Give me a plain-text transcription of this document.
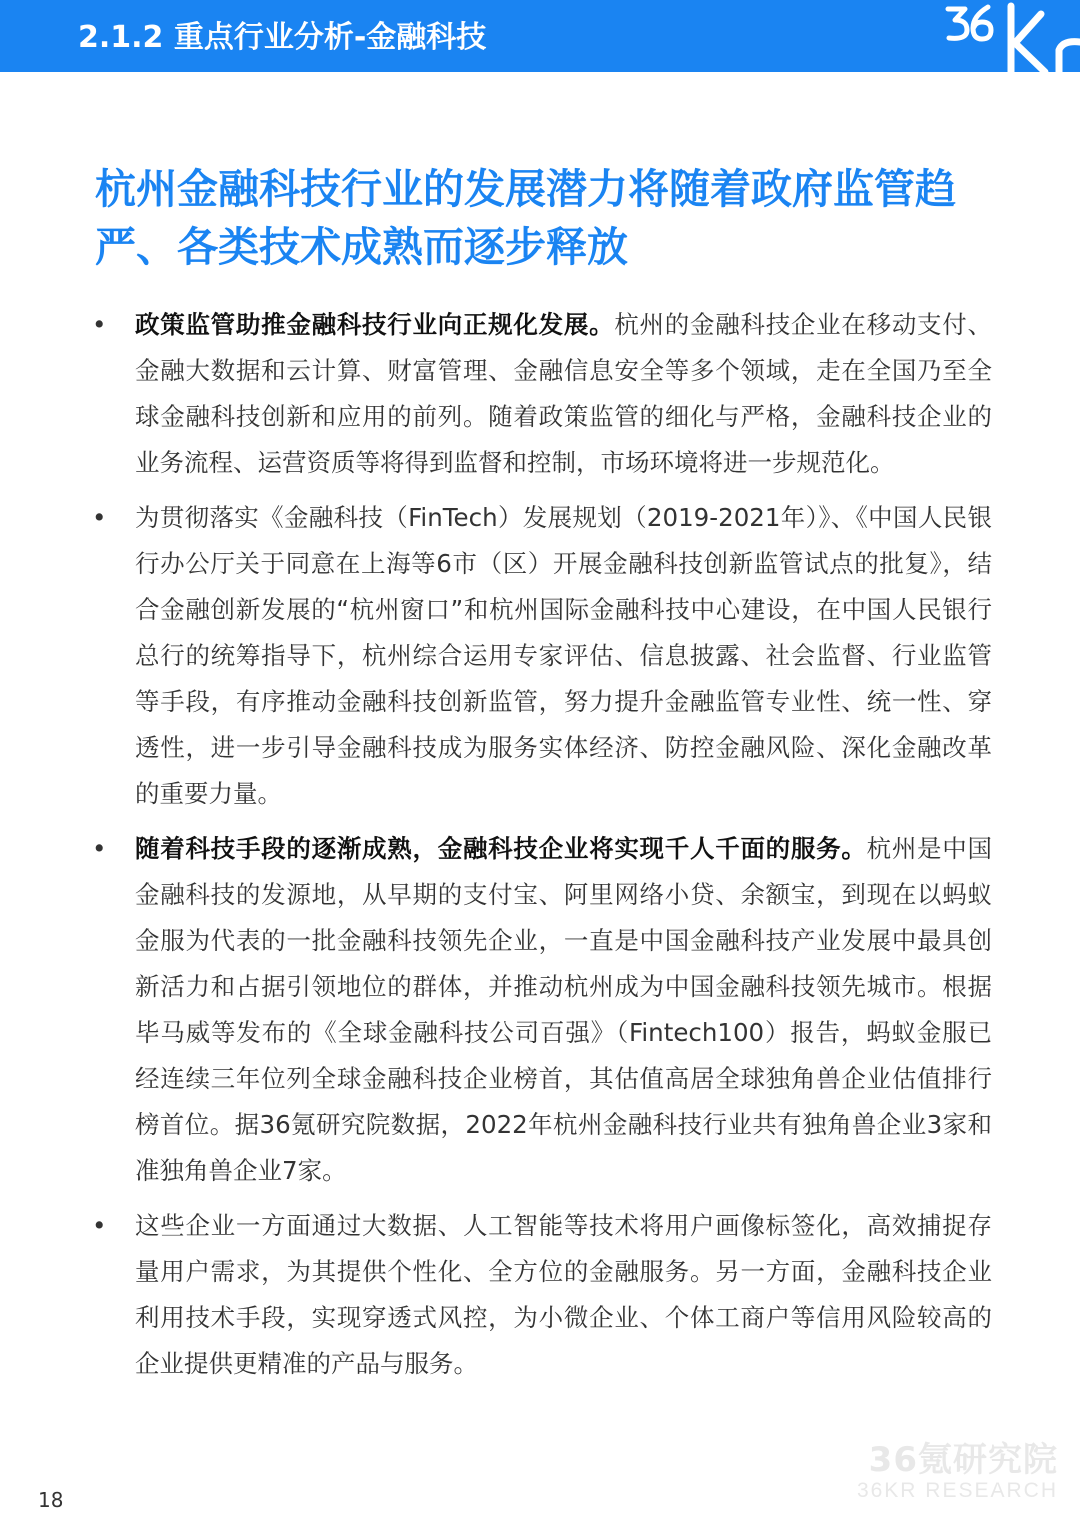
2.1.2 重点行业分析-金融科技
杭州金融科技行业的发展潜力将随着政府监管趋严、各类技术成熟而逐步释放
• 政策监管助推金融科技行业向正规化发展。杭州的金融科技企业在移动支付、金融大数据和云计算、财富管理、金融信息安全等多个领域，走在全国乃至全球金融科技创新和应用的前列。随着政策监管的细化与严格，金融科技企业的业务流程、运营资质等将得到监督和控制，市场环境将进一步规范化。
• 为贯彻落实《金融科技（FinTech）发展规划（2019-2021年）》、《中国人民银行办公厅关于同意在上海等6市（区）开展金融科技创新监管试点的批复》，结合金融创新发展的“杭州窗口”和杭州国际金融科技中心建设，在中国人民银行总行的统筹指导下，杭州综合运用专家评估、信息披露、社会监督、行业监管等手段，有序推动金融科技创新监管，努力提升金融监管专业性、统一性、穿透性，进一步引导金融科技成为服务实体经济、防控金融风险、深化金融改革的重要力量。
• 随着科技手段的逐渐成熟，金融科技企业将实现千人千面的服务。杭州是中国金融科技的发源地，从早期的支付宝、阿里网络小贷、余额宝，到现在以蚂蚁金服为代表的一批金融科技领先企业，一直是中国金融科技产业发展中最具创新活力和占据引领地位的群体，并推动杭州成为中国金融科技领先城市。根据毕马威等发布的《全球金融科技公司百强》（Fintech100）报告，蚂蚁金服已经连续三年位列全球金融科技企业榜首，其估值高居全球独角兽企业估值排行榜首位。据36氪研究院数据，2022年杭州金融科技行业共有独角兽企业3家和准独角兽企业7家。
• 这些企业一方面通过大数据、人工智能等技术将用户画像标签化，高效捕捉存量用户需求，为其提供个性化、全方位的金融服务。另一方面，金融科技企业利用技术手段，实现穿透式风控，为小微企业、个体工商户等信用风险较高的企业提供更精准的产品与服务。
18
36氪研究院
36KR RESEARCH
